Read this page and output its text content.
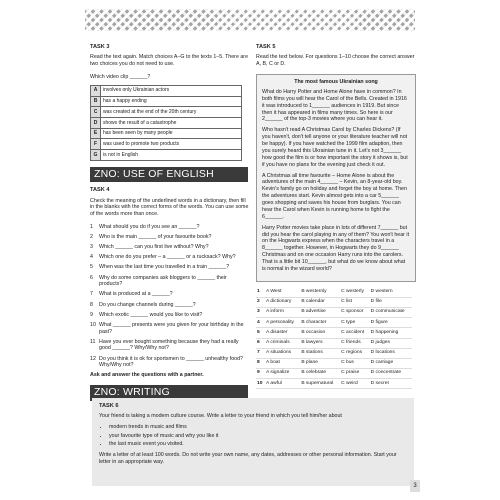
TASK 3
Read the text again. Match choices A–G to the texts 1–5. There are two choices you do not need to use.
Which video clip ______?
A	involves only Ukrainian actors
B	has a happy ending
C	was created at the end of the 20th century
D	shows the result of a catastrophe
E	has been seen by many people
F	was used to promote two products
G	is not in English
ZNO: USE OF ENGLISH
TASK 4
Check the meaning of the underlined words in a dictionary, then fill in the blanks with the correct forms of the words. You can use some of the words more than once.
1	What should you do if you see an ______?
2	Who is the main ______ of your favourite book?
3	Which ______ can you first live without? Why?
4	Which one do you prefer – a ______ or a rucksack? Why?
5	When was the last time you travelled in a train ______?
6	Why do some companies ask bloggers to ______ their products?
7	What is produced at a ______?
8	Do you change channels during ______?
9	Which exotic ______ would you like to visit?
10 What ______ presents were you given for your birthday in the past?
11 Have you ever bought something because they had a really good ______? Why/Why not?
12 Do you think it is ok for sportsmen to ______ unhealthy food? Why/Why not?
Ask and answer the questions with a partner.
ZNO: WRITING
TASK 5
Read the text below. For questions 1–10 choose the correct answer A, B, C or D.
The most famous Ukrainian song

What do Harry Potter and Home Alone have in common? In both films you will hear the Carol of the Bells. Created in 1916 it was introduced to 1______ audiences in 1919. But since then it has appeared in films many times. So here is our 2______ of the top-3 movies where you can hear it.

Who hasn't read A Christmas Carol by Charles Dickens? (If you haven't, don't tell anyone or your literature teacher will not be happy). If you have watched the 1999 film adaption, then you surely heard this Ukrainian tune in it. Let's not 3______ how good the film is or how important the story it shows is, but if you have no plans for the evening just check it out.

A Christmas all time favourite – Home Alone is about the adventures of the main 4______ – Kevin, an 8-year-old boy. Kevin's family go on holiday and forget the boy at home. Then the adventures start. Kevin almost gets into a car 5______ goes shopping and saves his house from burglars. You can hear the Carol when Kevin is running home to fight the 6______.

Harry Potter movies take place in lots of different 7______ but did you hear the carol playing in any of them? You won't hear it on the Hogwarts express when the characters travel in a 8______ together. However, in Hogwarts they do 9______ Christmas and on one occasion Harry runs into the carolers. That is a little bit 10______, but what do we know about what is normal in the wizard world?

1	A West	B westernly	C westerly	D western
2	A dictionary	B calendar	C list	D file
3	A inform	B advertise	C sponsor	D communicate
4	A personality	B character	C type	D figure
5	A disaster	B occasion	C accident	D happening
6	A criminals	B lawyers	C friends	D judges
7	A situations	B stations	C regions	D locations
8	A boat	B plane	C bus	D carriage
9	A signalize	B celebrate	C praise	D concentrate
10	A awful	B supernatural	C weird	D secret
TASK 6
Your friend is taking a modern culture course. Write a letter to your friend in which you tell him/her about
• modern trends in music and films
• your favourite type of music and why you like it
• the last music event you visited.
Write a letter of at least 100 words. Do not write your own name, any dates, addresses or other personal information. Start your letter in an appropriate way.
3
